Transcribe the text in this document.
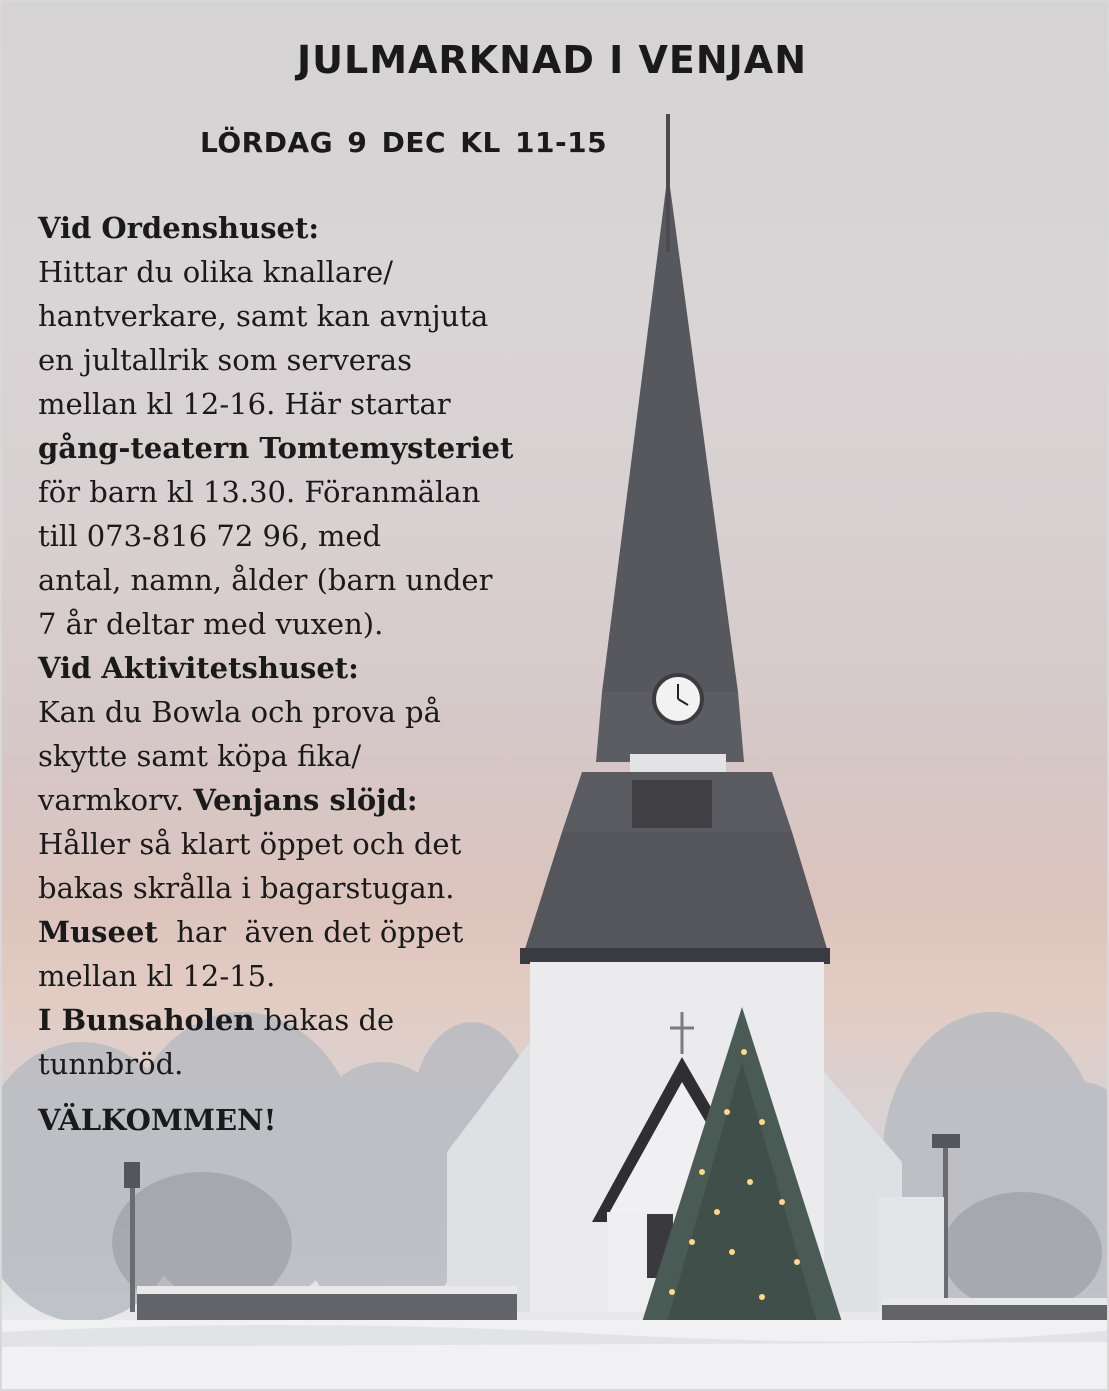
JULMARKNAD I VENJAN
LÖRDAG 9 DEC KL 11-15
Vid Ordenshuset:
Hittar du olika knallare/
hantverkare, samt kan avnjuta
en jultallrik som serveras
mellan kl 12-16. Här startar
gång-teatern Tomtemysteriet
för barn kl 13.30. Föranmälan
till 073-816 72 96, med
antal, namn, ålder (barn under
7 år deltar med vuxen).
Vid Aktivitetshuset:
Kan du Bowla och prova på
skytte samt köpa fika/
varmkorv. Venjans slöjd:
Håller så klart öppet och det
bakas skrålla i bagarstugan.
Museet  har  även det öppet
mellan kl 12-15.
I Bunsaholen bakas de
tunnbröd.
VÄLKOMMEN!
